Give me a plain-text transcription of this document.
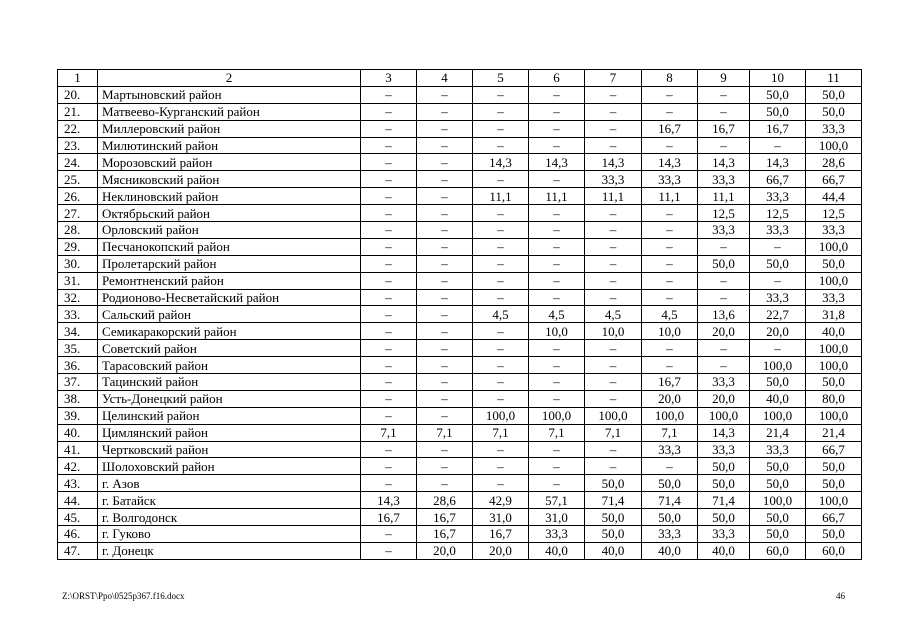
1	2	3	4	5	6	7	8	9	10	11
20.	Мартыновский район	–	–	–	–	–	–	–	50,0	50,0
21.	Матвеево-Курганский район	–	–	–	–	–	–	–	50,0	50,0
22.	Миллеровский район	–	–	–	–	–	16,7	16,7	16,7	33,3
23.	Милютинский район	–	–	–	–	–	–	–	–	100,0
24.	Морозовский район	–	–	14,3	14,3	14,3	14,3	14,3	14,3	28,6
25.	Мясниковский район	–	–	–	–	33,3	33,3	33,3	66,7	66,7
26.	Неклиновский район	–	–	11,1	11,1	11,1	11,1	11,1	33,3	44,4
27.	Октябрьский район	–	–	–	–	–	–	12,5	12,5	12,5
28.	Орловский район	–	–	–	–	–	–	33,3	33,3	33,3
29.	Песчанокопский район	–	–	–	–	–	–	–	–	100,0
30.	Пролетарский район	–	–	–	–	–	–	50,0	50,0	50,0
31.	Ремонтненский район	–	–	–	–	–	–	–	–	100,0
32.	Родионово-Несветайский район	–	–	–	–	–	–	–	33,3	33,3
33.	Сальский район	–	–	4,5	4,5	4,5	4,5	13,6	22,7	31,8
34.	Семикаракорский район	–	–	–	10,0	10,0	10,0	20,0	20,0	40,0
35.	Советский район	–	–	–	–	–	–	–	–	100,0
36.	Тарасовский район	–	–	–	–	–	–	–	100,0	100,0
37.	Тацинский район	–	–	–	–	–	16,7	33,3	50,0	50,0
38.	Усть-Донецкий район	–	–	–	–	–	20,0	20,0	40,0	80,0
39.	Целинский район	–	–	100,0	100,0	100,0	100,0	100,0	100,0	100,0
40.	Цимлянский район	7,1	7,1	7,1	7,1	7,1	7,1	14,3	21,4	21,4
41.	Чертковский район	–	–	–	–	–	33,3	33,3	33,3	66,7
42.	Шолоховский район	–	–	–	–	–	–	50,0	50,0	50,0
43.	г. Азов	–	–	–	–	50,0	50,0	50,0	50,0	50,0
44.	г. Батайск	14,3	28,6	42,9	57,1	71,4	71,4	71,4	100,0	100,0
45.	г. Волгодонск	16,7	16,7	31,0	31,0	50,0	50,0	50,0	50,0	66,7
46.	г. Гуково	–	16,7	16,7	33,3	50,0	33,3	33,3	50,0	50,0
47.	г. Донецк	–	20,0	20,0	40,0	40,0	40,0	40,0	60,0	60,0
Z:\ORST\Ppo\0525p367.f16.docx	46
